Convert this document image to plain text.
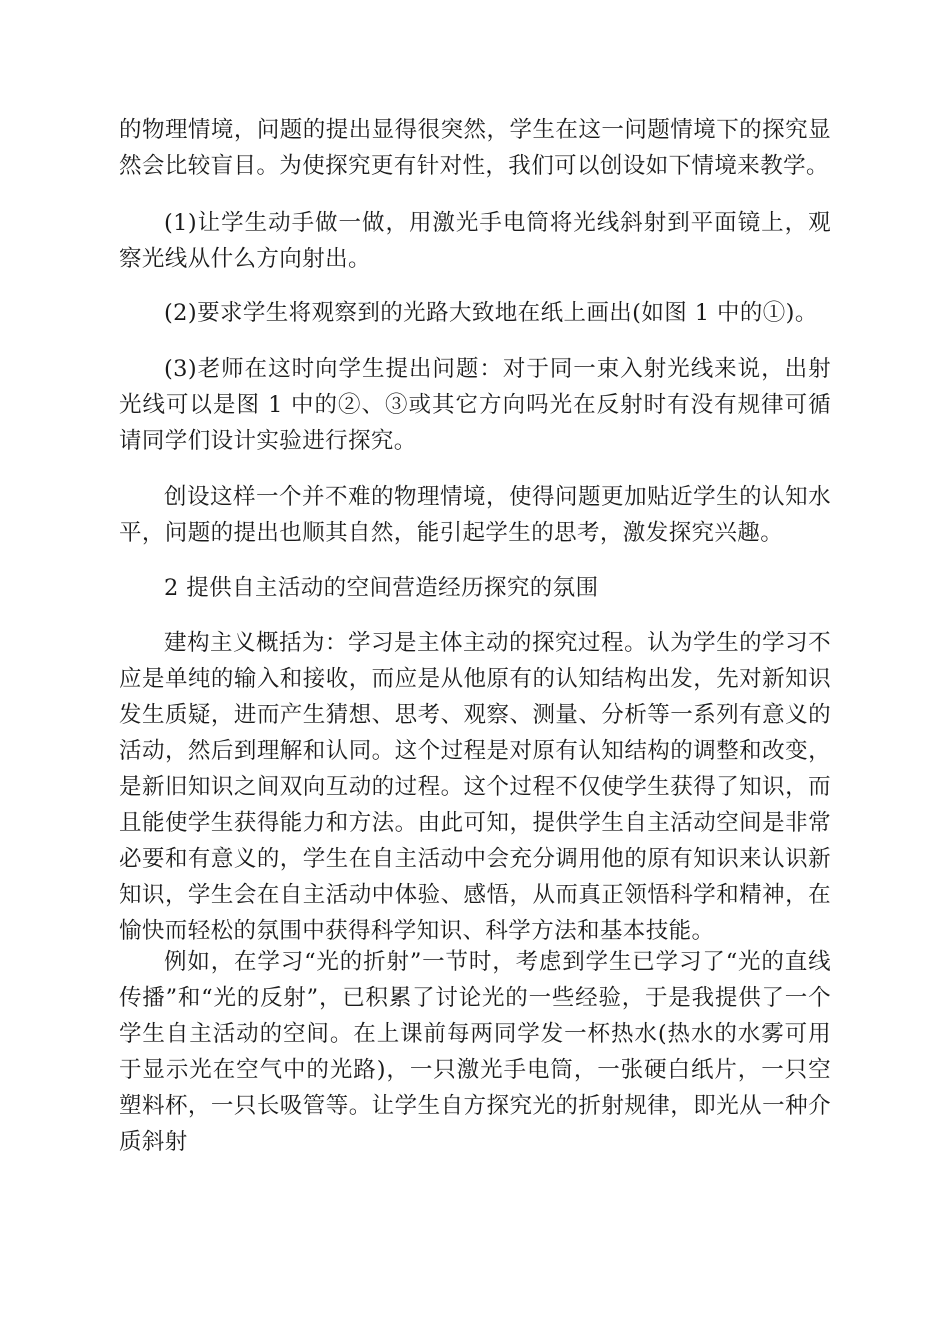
的物理情境，问题的提出显得很突然，学生在这一问题情境下的探究显然会比较盲目。为使探究更有针对性，我们可以创设如下情境来教学。

(1)让学生动手做一做，用激光手电筒将光线斜射到平面镜上，观察光线从什么方向射出。

(2)要求学生将观察到的光路大致地在纸上画出(如图 1 中的①)。

(3)老师在这时向学生提出问题：对于同一束入射光线来说，出射光线可以是图 1 中的②、③或其它方向吗光在反射时有没有规律可循请同学们设计实验进行探究。

创设这样一个并不难的物理情境，使得问题更加贴近学生的认知水平，问题的提出也顺其自然，能引起学生的思考，激发探究兴趣。

2 提供自主活动的空间营造经历探究的氛围

建构主义概括为：学习是主体主动的探究过程。认为学生的学习不应是单纯的输入和接收，而应是从他原有的认知结构出发，先对新知识发生质疑，进而产生猜想、思考、观察、测量、分析等一系列有意义的活动，然后到理解和认同。这个过程是对原有认知结构的调整和改变，是新旧知识之间双向互动的过程。这个过程不仅使学生获得了知识，而且能使学生获得能力和方法。由此可知，提供学生自主活动空间是非常必要和有意义的，学生在自主活动中会充分调用他的原有知识来认识新知识，学生会在自主活动中体验、感悟，从而真正领悟科学和精神，在愉快而轻松的氛围中获得科学知识、科学方法和基本技能。

例如，在学习“光的折射”一节时，考虑到学生已学习了“光的直线传播”和“光的反射”，已积累了讨论光的一些经验，于是我提供了一个学生自主活动的空间。在上课前每两同学发一杯热水(热水的水雾可用于显示光在空气中的光路)，一只激光手电筒，一张硬白纸片，一只空塑料杯，一只长吸管等。让学生自方探究光的折射规律，即光从一种介质斜射
